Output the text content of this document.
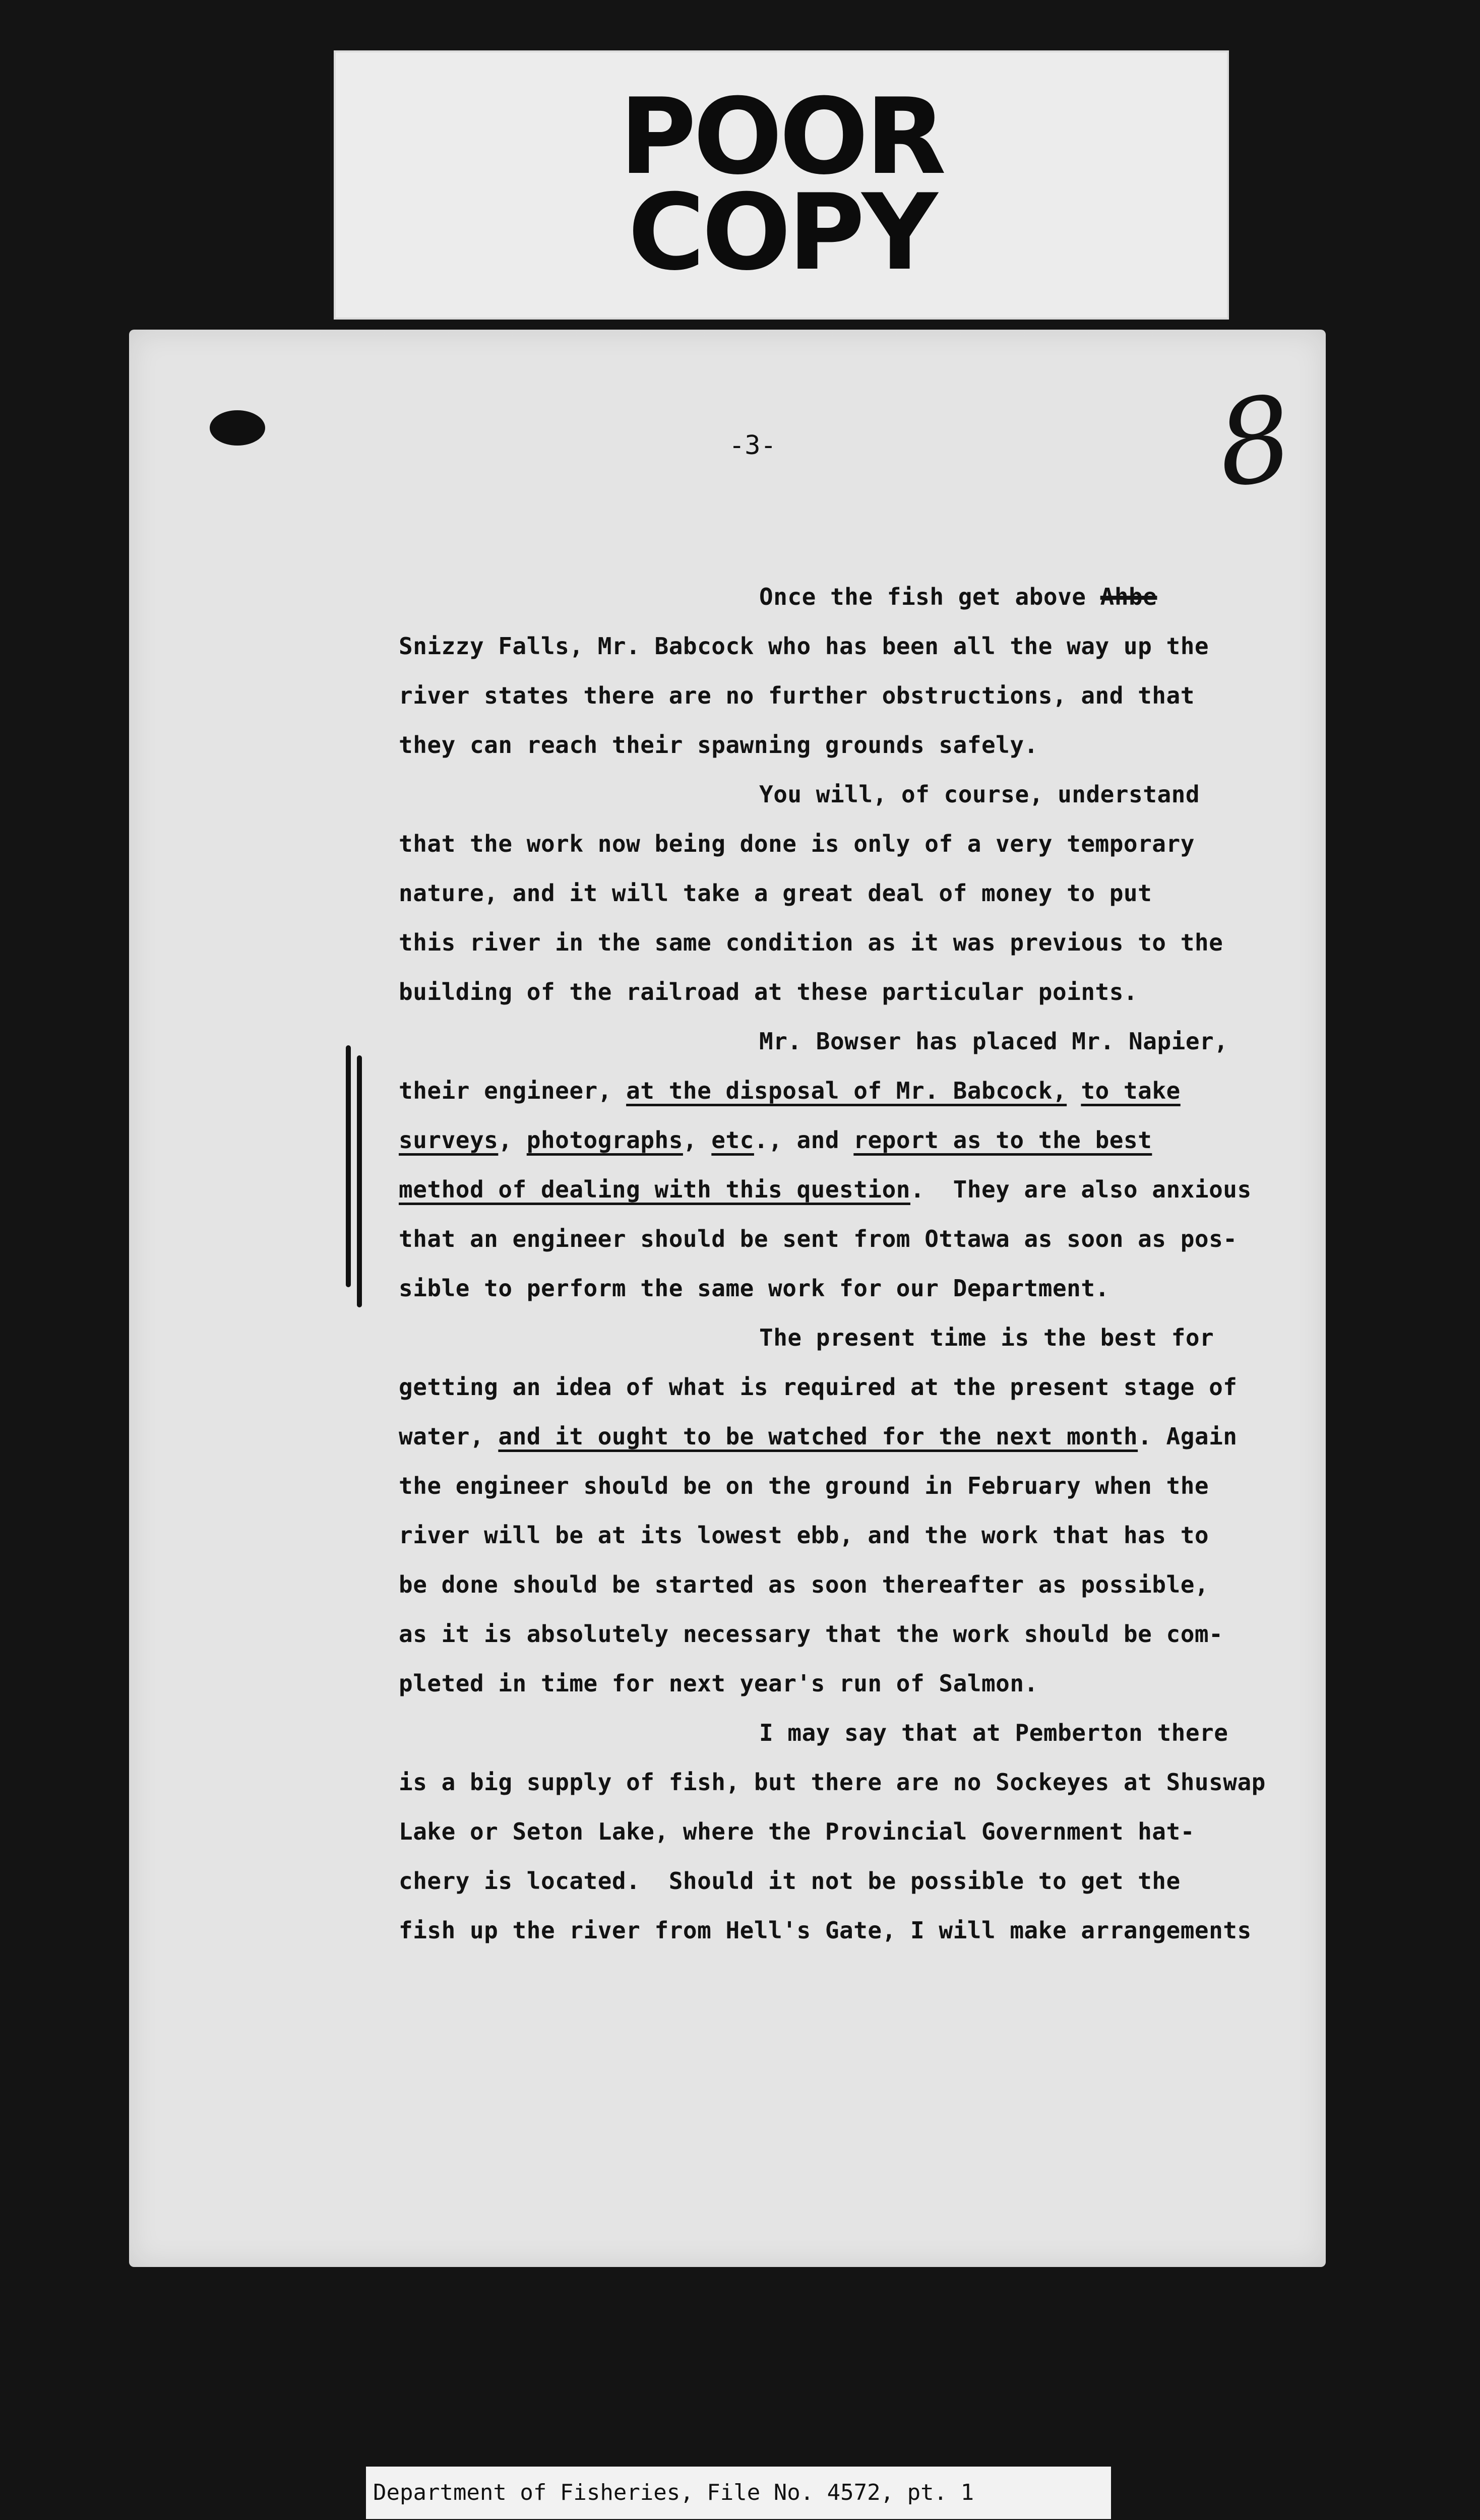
POOR
COPY
-3-	8
Once the fish get above Ahbe
Snizzy Falls, Mr. Babcock who has been all the way up the
river states there are no further obstructions, and that
they can reach their spawning grounds safely.
You will, of course, understand
that the work now being done is only of a very temporary
nature, and it will take a great deal of money to put
this river in the same condition as it was previous to the
building of the railroad at these particular points.
Mr. Bowser has placed Mr. Napier,
their engineer, at the disposal of Mr. Babcock, to take
surveys, photographs, etc., and report as to the best
method of dealing with this question.  They are also anxious
that an engineer should be sent from Ottawa as soon as pos-
sible to perform the same work for our Department.
The present time is the best for
getting an idea of what is required at the present stage of
water, and it ought to be watched for the next month. Again
the engineer should be on the ground in February when the
river will be at its lowest ebb, and the work that has to
be done should be started as soon thereafter as possible,
as it is absolutely necessary that the work should be com-
pleted in time for next year's run of Salmon.
I may say that at Pemberton there
is a big supply of fish, but there are no Sockeyes at Shuswap
Lake or Seton Lake, where the Provincial Government hat-
chery is located.  Should it not be possible to get the
fish up the river from Hell's Gate, I will make arrangements
Department of Fisheries, File No. 4572, pt. 1
